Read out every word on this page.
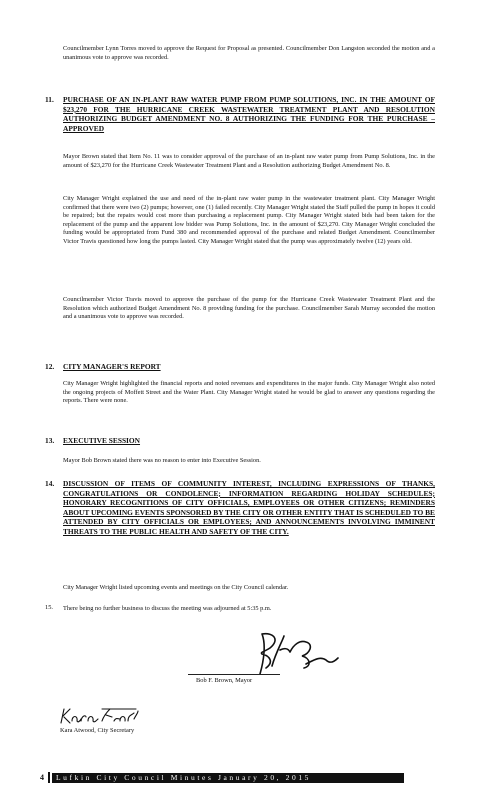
Councilmember Lynn Torres moved to approve the Request for Proposal as presented. Councilmember Don Langston seconded the motion and a unanimous vote to approve was recorded.

11. PURCHASE OF AN IN-PLANT RAW WATER PUMP FROM PUMP SOLUTIONS, INC. IN THE AMOUNT OF $23,270 FOR THE HURRICANE CREEK WASTEWATER TREATMENT PLANT AND RESOLUTION AUTHORIZING BUDGET AMENDMENT NO. 8 AUTHORIZING THE FUNDING FOR THE PURCHASE – APPROVED

Mayor Brown stated that Item No. 11 was to consider approval of the purchase of an in-plant raw water pump from Pump Solutions, Inc. in the amount of $23,270 for the Hurricane Creek Wastewater Treatment Plant and a Resolution authorizing Budget Amendment No. 8.

City Manager Wright explained the use and need of the in-plant raw water pump in the wastewater treatment plant. City Manager Wright confirmed that there were two (2) pumps; however, one (1) failed recently. City Manager Wright stated the Staff pulled the pump in hopes it could be repaired; but the repairs would cost more than purchasing a replacement pump. City Manager Wright stated bids had been taken for the replacement of the pump and the apparent low bidder was Pump Solutions, Inc. in the amount of $23,270. City Manager Wright concluded the funding would be appropriated from Fund 380 and recommended approval of the purchase and related Budget Amendment. Councilmember Victor Travis questioned how long the pumps lasted. City Manager Wright stated that the pump was approximately twelve (12) years old.

Councilmember Victor Travis moved to approve the purchase of the pump for the Hurricane Creek Wastewater Treatment Plant and the Resolution which authorized Budget Amendment No. 8 providing funding for the purchase. Councilmember Sarah Murray seconded the motion and a unanimous vote to approve was recorded.

12. CITY MANAGER'S REPORT

City Manager Wright highlighted the financial reports and noted revenues and expenditures in the major funds. City Manager Wright also noted the ongoing projects of Moffett Street and the Water Plant. City Manager Wright stated he would be glad to answer any questions regarding the reports. There were none.

13. EXECUTIVE SESSION

Mayor Bob Brown stated there was no reason to enter into Executive Session.

14. DISCUSSION OF ITEMS OF COMMUNITY INTEREST, INCLUDING EXPRESSIONS OF THANKS, CONGRATULATIONS OR CONDOLENCE; INFORMATION REGARDING HOLIDAY SCHEDULES; HONORARY RECOGNITIONS OF CITY OFFICIALS, EMPLOYEES OR OTHER CITIZENS; REMINDERS ABOUT UPCOMING EVENTS SPONSORED BY THE CITY OR OTHER ENTITY THAT IS SCHEDULED TO BE ATTENDED BY CITY OFFICIALS OR EMPLOYEES; AND ANNOUNCEMENTS INVOLVING IMMINENT THREATS TO THE PUBLIC HEALTH AND SAFETY OF THE CITY.

City Manager Wright listed upcoming events and meetings on the City Council calendar.

15. There being no further business to discuss the meeting was adjourned at 5:35 p.m.

Bob F. Brown, Mayor
Kara Atwood, City Secretary
4	Lufkin City Council Minutes January 20, 2015
